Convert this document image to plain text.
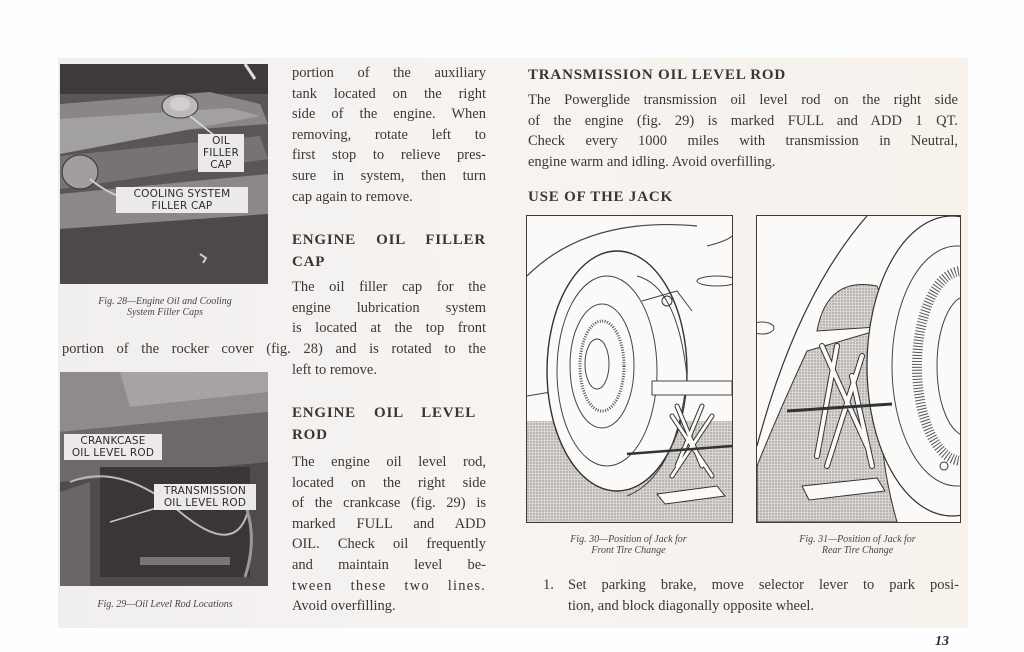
OIL
FILLER
CAP
COOLING SYSTEM
FILLER CAP
Fig. 28—Engine Oil and Cooling
System Filler Caps
CRANKCASE
OIL LEVEL ROD
TRANSMISSION
OIL LEVEL ROD
Fig. 29—Oil Level Rod Locations
portion of the auxiliary
tank located on the right
side of the engine. When
removing, rotate left to
first stop to relieve pres-
sure in system, then turn
cap again to remove.
ENGINE OIL FILLER
CAP
The oil filler cap for the
engine lubrication system
is located at the top front
portion of the rocker cover (fig. 28) and is rotated to the
left to remove.
ENGINE OIL LEVEL
ROD
The engine oil level rod,
located on the right side
of the crankcase (fig. 29) is
marked FULL and ADD
OIL. Check oil frequently
and maintain level be-
tween these two lines.
Avoid overfilling.
TRANSMISSION OIL LEVEL ROD
The Powerglide transmission oil level rod on the right side
of the engine (fig. 29) is marked FULL and ADD 1 QT.
Check every 1000 miles with transmission in Neutral,
engine warm and idling. Avoid overfilling.
USE OF THE JACK
Fig. 30—Position of Jack for
Front Tire Change
Fig. 31—Position of Jack for
Rear Tire Change
1. Set parking brake, move selector lever to park posi-
tion, and block diagonally opposite wheel.
13
